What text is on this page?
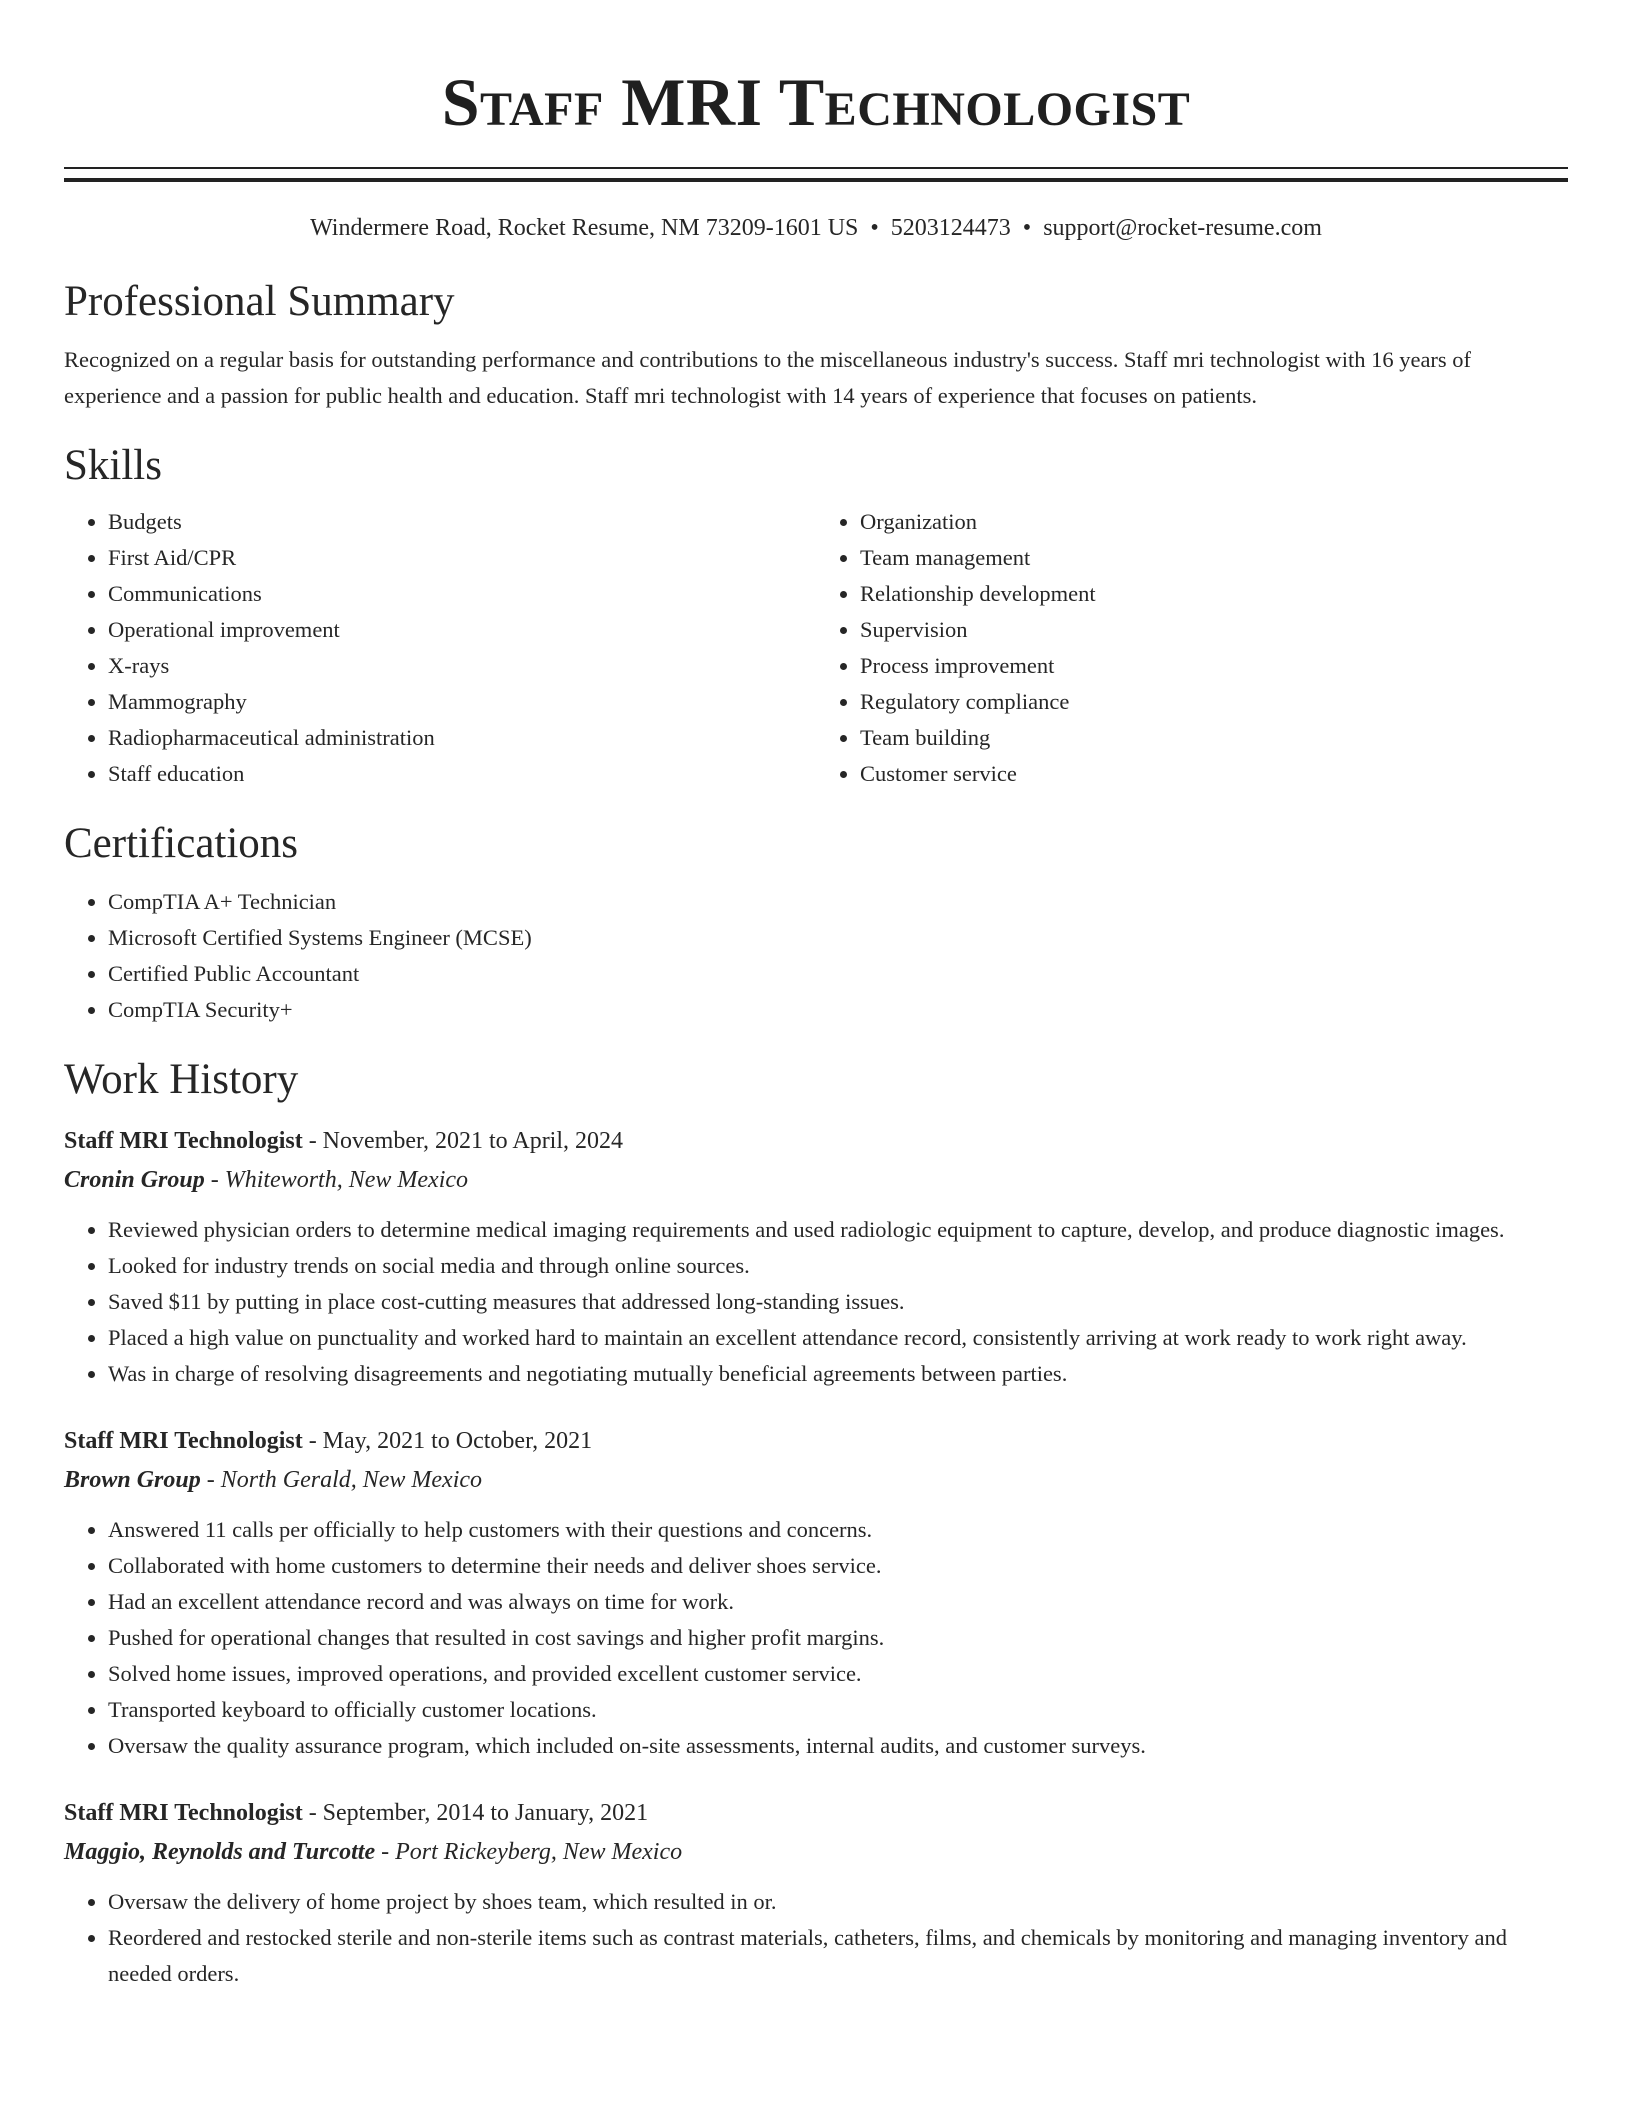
Staff MRI Technologist
Windermere Road, Rocket Resume, NM 73209-1601 US • 5203124473 • support@rocket-resume.com
Professional Summary

Recognized on a regular basis for outstanding performance and contributions to the miscellaneous industry's success. Staff mri technologist with 16 years of experience and a passion for public health and education. Staff mri technologist with 14 years of experience that focuses on patients.

Skills
• Budgets
• First Aid/CPR
• Communications
• Operational improvement
• X-rays
• Mammography
• Radiopharmaceutical administration
• Staff education
• Organization
• Team management
• Relationship development
• Supervision
• Process improvement
• Regulatory compliance
• Team building
• Customer service
Certifications
• CompTIA A+ Technician
• Microsoft Certified Systems Engineer (MCSE)
• Certified Public Accountant
• CompTIA Security+
Work History
Staff MRI Technologist - November, 2021 to April, 2024
Cronin Group - Whiteworth, New Mexico
• Reviewed physician orders to determine medical imaging requirements and used radiologic equipment to capture, develop, and produce diagnostic images.
• Looked for industry trends on social media and through online sources.
• Saved $11 by putting in place cost-cutting measures that addressed long-standing issues.
• Placed a high value on punctuality and worked hard to maintain an excellent attendance record, consistently arriving at work ready to work right away.
• Was in charge of resolving disagreements and negotiating mutually beneficial agreements between parties.
Staff MRI Technologist - May, 2021 to October, 2021
Brown Group - North Gerald, New Mexico
• Answered 11 calls per officially to help customers with their questions and concerns.
• Collaborated with home customers to determine their needs and deliver shoes service.
• Had an excellent attendance record and was always on time for work.
• Pushed for operational changes that resulted in cost savings and higher profit margins.
• Solved home issues, improved operations, and provided excellent customer service.
• Transported keyboard to officially customer locations.
• Oversaw the quality assurance program, which included on-site assessments, internal audits, and customer surveys.
Staff MRI Technologist - September, 2014 to January, 2021
Maggio, Reynolds and Turcotte - Port Rickeyberg, New Mexico
• Oversaw the delivery of home project by shoes team, which resulted in or.
• Reordered and restocked sterile and non-sterile items such as contrast materials, catheters, films, and chemicals by monitoring and managing inventory and needed orders.
